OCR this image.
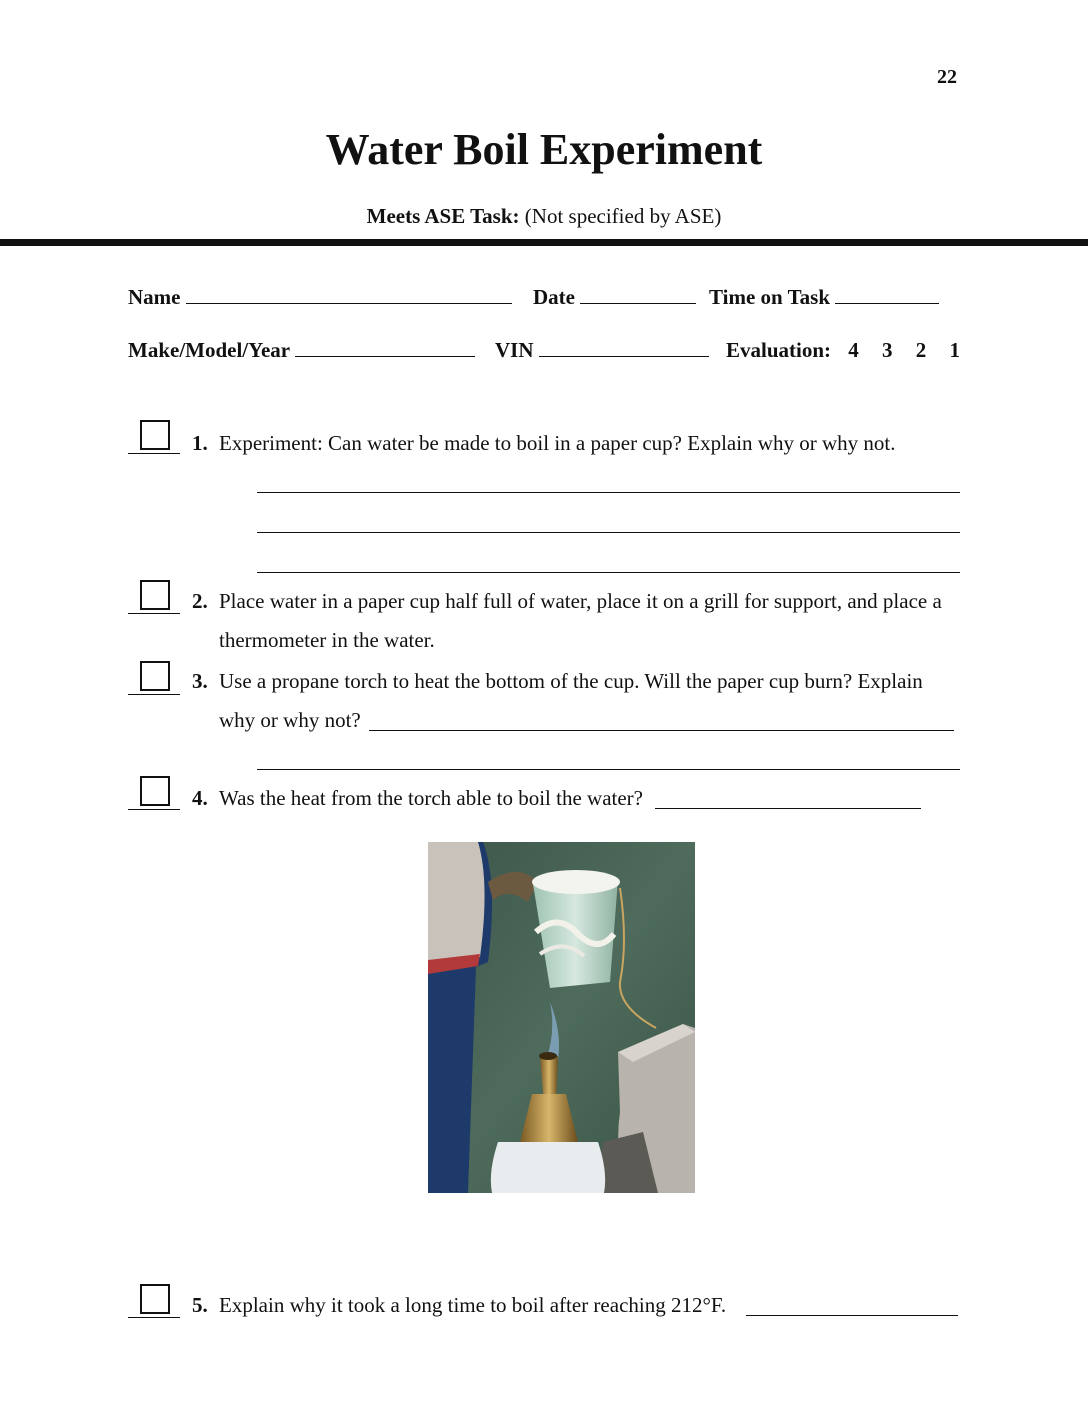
22
Water Boil Experiment
Meets ASE Task: (Not specified by ASE)
Name	Date	Time on Task
Make/Model/Year	VIN	Evaluation: 4 3 2 1
1. Experiment: Can water be made to boil in a paper cup? Explain why or why not.
2. Place water in a paper cup half full of water, place it on a grill for support, and place a
thermometer in the water.
3. Use a propane torch to heat the bottom of the cup. Will the paper cup burn? Explain
why or why not?
4. Was the heat from the torch able to boil the water?
5. Explain why it took a long time to boil after reaching 212°F.
